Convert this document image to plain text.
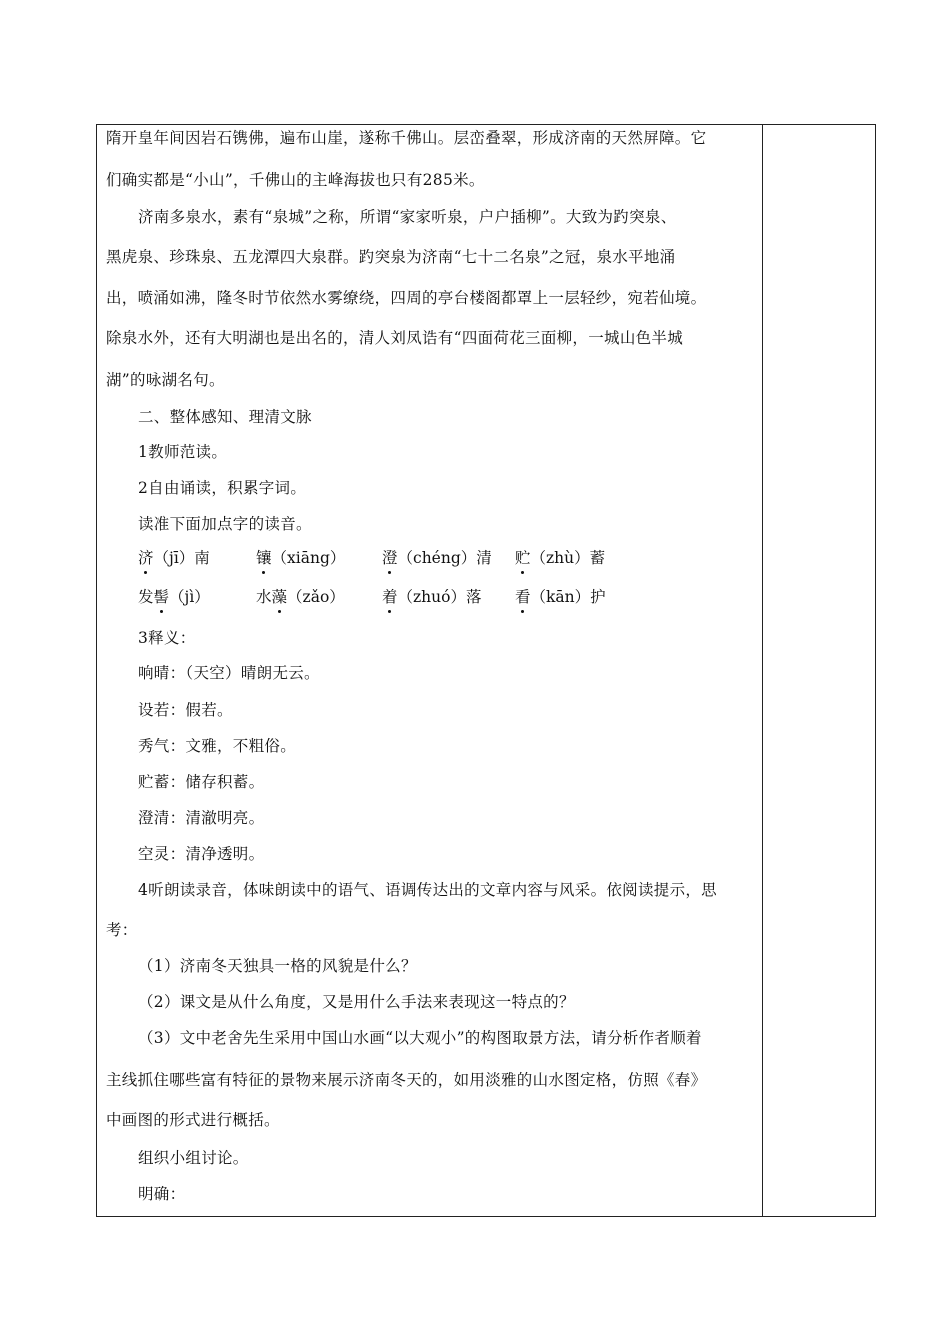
隋开皇年间因岩石镌佛，遍布山崖，遂称千佛山。层峦叠翠，形成济南的天然屏障。它
们确实都是“小山”，千佛山的主峰海拔也只有285米。
济南多泉水，素有“泉城”之称，所谓“家家听泉，户户插柳”。大致为趵突泉、
黑虎泉、珍珠泉、五龙潭四大泉群。趵突泉为济南“七十二名泉”之冠，泉水平地涌
出，喷涌如沸，隆冬时节依然水雾缭绕，四周的亭台楼阁都罩上一层轻纱，宛若仙境。
除泉水外，还有大明湖也是出名的，清人刘凤诰有“四面荷花三面柳，一城山色半城
湖”的咏湖名句。
二、整体感知、理清文脉
1教师范读。
2自由诵读，积累字词。
读准下面加点字的读音。
济（jī）南	镶（xiāng） 澄（chéng）清 贮（zhù）蓄
发髻（jì）	水藻（zǎo） 着（zhuó）落 看（kān）护
3释义：
响晴：（天空）晴朗无云。
设若：假若。
秀气：文雅，不粗俗。
贮蓄：储存积蓄。
澄清：清澈明亮。
空灵：清净透明。
4听朗读录音，体味朗读中的语气、语调传达出的文章内容与风采。依阅读提示，思
考：
（1）济南冬天独具一格的风貌是什么？
（2）课文是从什么角度，又是用什么手法来表现这一特点的？
（3）文中老舍先生采用中国山水画“以大观小”的构图取景方法，请分析作者顺着
主线抓住哪些富有特征的景物来展示济南冬天的，如用淡雅的山水图定格，仿照《春》
中画图的形式进行概括。
组织小组讨论。
明确：
